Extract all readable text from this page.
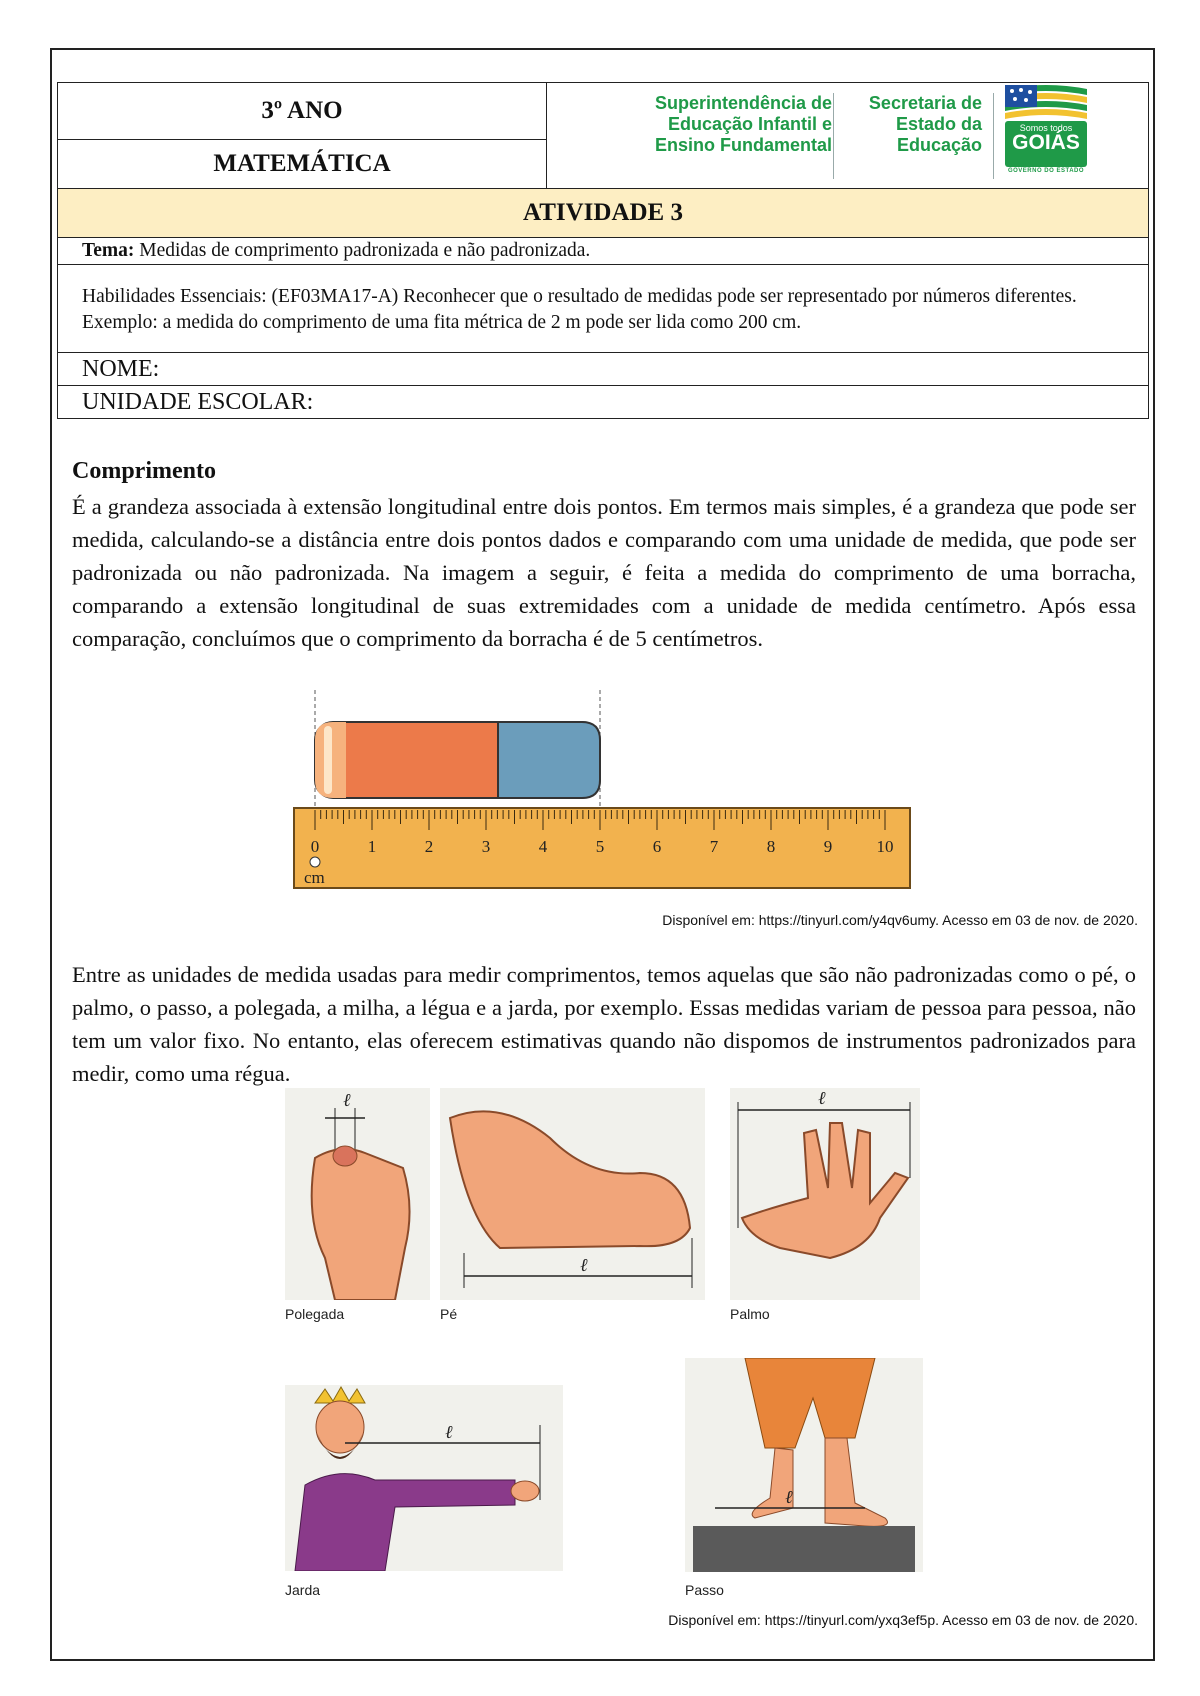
3º ANO	Superintendência de
Educação Infantil e
Ensino Fundamental
Secretaria de
Estado da
Educação
Somos todos
GOIÁS
GOVERNO DO ESTADO

MATEMÁTICA
ATIVIDADE 3
Tema: Medidas de comprimento padronizada e não padronizada.
Habilidades Essenciais: (EF03MA17-A) Reconhecer que o resultado de medidas pode ser representado por números diferentes. Exemplo: a medida do comprimento de uma fita métrica de 2 m pode ser lida como 200 cm.
NOME:
UNIDADE ESCOLAR:
Comprimento
É a grandeza associada à extensão longitudinal entre dois pontos. Em termos mais simples, é a grandeza que pode ser medida, calculando-se a distância entre dois pontos dados e comparando com uma unidade de medida, que pode ser padronizada ou não padronizada. Na imagem a seguir, é feita a medida do comprimento de uma borracha, comparando a extensão longitudinal de suas extremidades com a unidade de medida centímetro. Após essa comparação, concluímos que o comprimento da borracha é de 5 centímetros.
0	1	2	3	4	5	6	7	8	9	10
cm
Disponível em: https://tinyurl.com/y4qv6umy. Acesso em 03 de nov. de 2020.
Entre as unidades de medida usadas para medir comprimentos, temos aquelas que são não padronizadas como o pé, o palmo, o passo, a polegada, a milha, a légua e a jarda, por exemplo. Essas medidas variam de pessoa para pessoa, não tem um valor fixo. No entanto, elas oferecem estimativas quando não dispomos de instrumentos padronizados para medir, como uma régua.
ℓ
Polegada
ℓ
Pé
ℓ
Palmo
ℓ
Jarda
ℓ
Passo
Disponível em: https://tinyurl.com/yxq3ef5p. Acesso em 03 de nov. de 2020.
